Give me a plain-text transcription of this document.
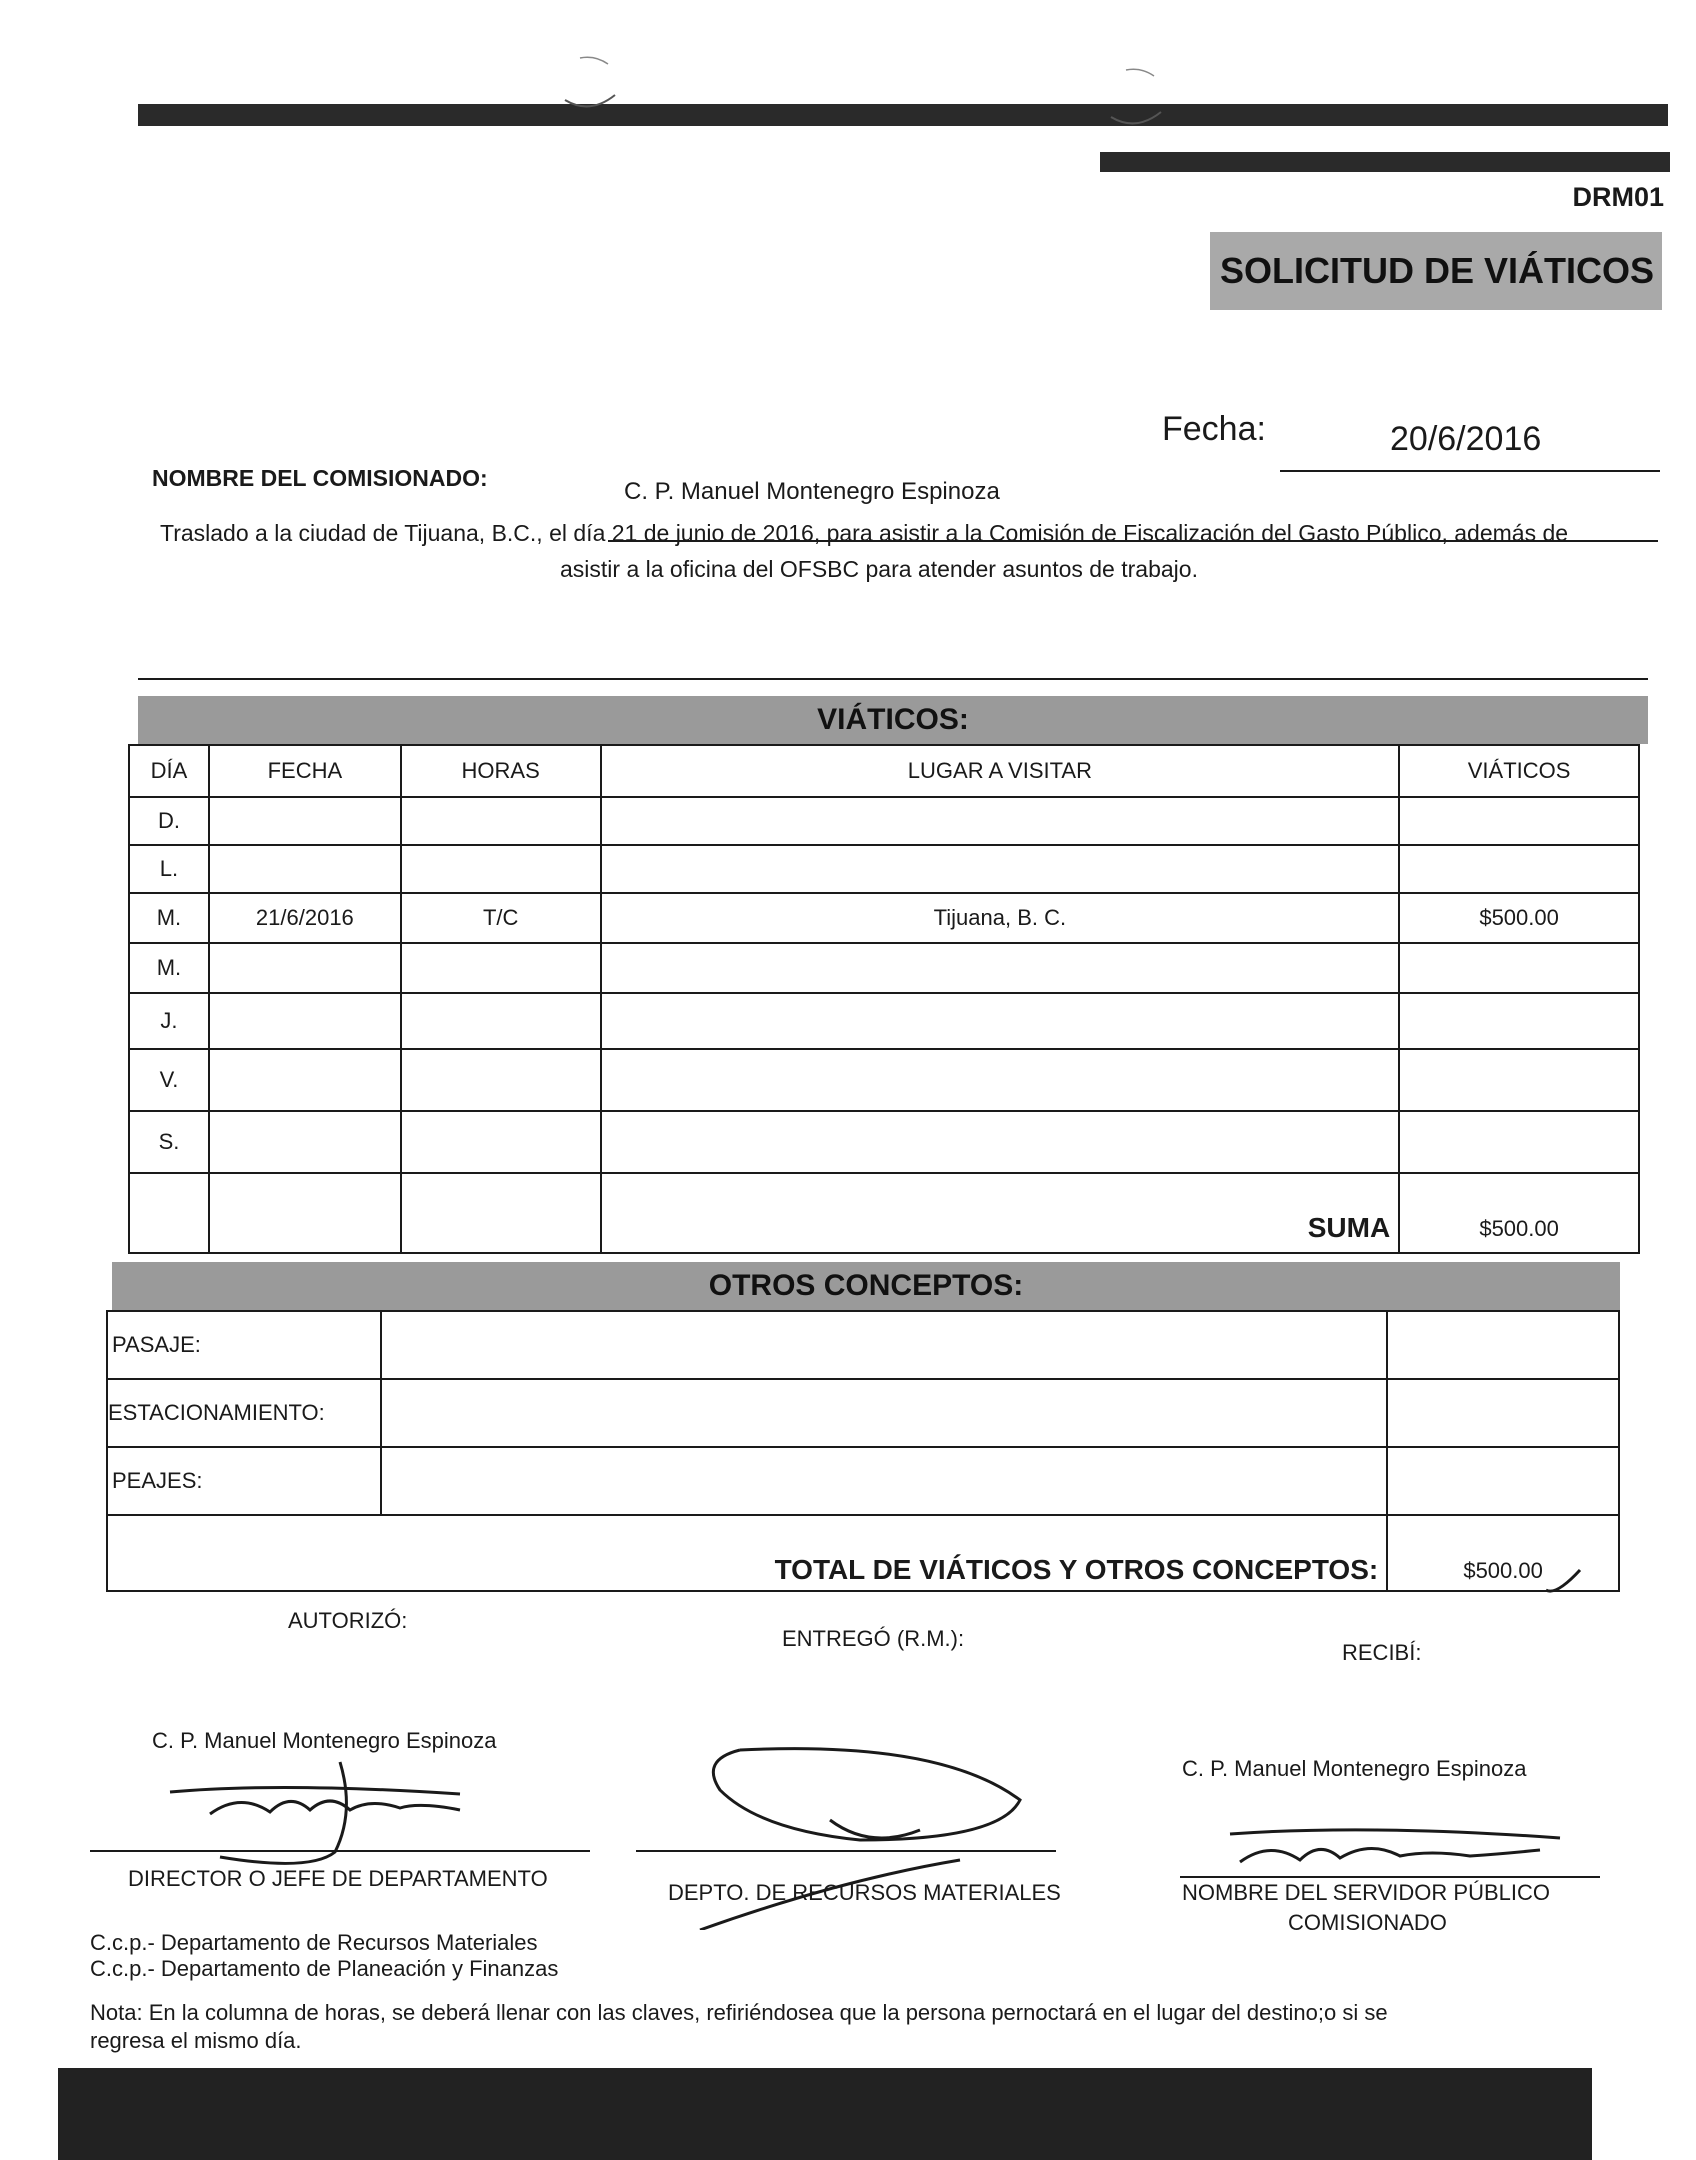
DRM01
SOLICITUD DE VIÁTICOS
Fecha:	20/6/2016
NOMBRE DEL COMISIONADO:	C. P. Manuel Montenegro Espinoza
Traslado a la ciudad de Tijuana, B.C., el día 21 de junio de 2016, para asistir a la Comisión de Fiscalización del Gasto Público, además de
asistir a la oficina del OFSBC para atender asuntos de trabajo.
VIÁTICOS:
DÍA	FECHA	HORAS	LUGAR A VISITAR	VIÁTICOS
D.				
L.				
M.	21/6/2016	T/C	Tijuana, B. C.	$500.00
M.				
J.				
V.				
S.				
			SUMA	$500.00
OTROS CONCEPTOS:
PASAJE:		
ESTACIONAMIENTO:		
PEAJES:		
TOTAL DE VIÁTICOS Y OTROS CONCEPTOS:		$500.00
AUTORIZÓ:
ENTREGÓ (R.M.):
RECIBÍ:
C. P. Manuel Montenegro Espinoza
C. P. Manuel Montenegro Espinoza
DIRECTOR O JEFE DE DEPARTAMENTO
DEPTO. DE RECURSOS MATERIALES	NOMBRE DEL SERVIDOR PÚBLICO
COMISIONADO
C.c.p.- Departamento de Recursos Materiales
C.c.p.- Departamento de Planeación y Finanzas
Nota: En la columna de horas, se deberá llenar con las claves, refiriéndosea que la persona pernoctará en el lugar del destino;o si se
regresa el mismo día.
